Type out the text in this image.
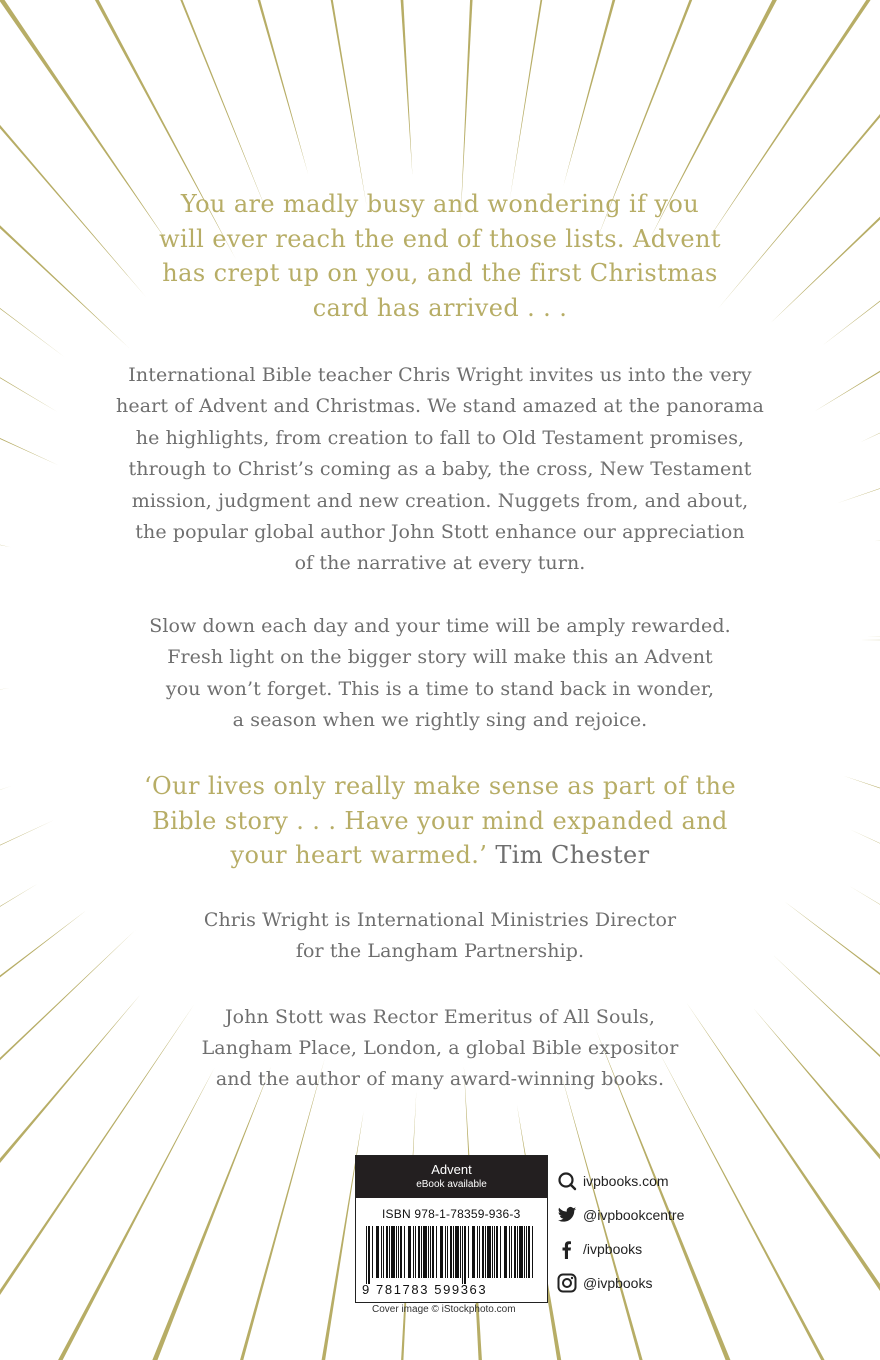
You are madly busy and wondering if you
will ever reach the end of those lists. Advent
has crept up on you, and the first Christmas
card has arrived . . .
International Bible teacher Chris Wright invites us into the very
heart of Advent and Christmas. We stand amazed at the panorama
he highlights, from creation to fall to Old Testament promises,
through to Christ’s coming as a baby, the cross, New Testament
mission, judgment and new creation. Nuggets from, and about,
the popular global author John Stott enhance our appreciation
of the narrative at every turn.
Slow down each day and your time will be amply rewarded.
Fresh light on the bigger story will make this an Advent
you won’t forget. This is a time to stand back in wonder,
a season when we rightly sing and rejoice.
‘Our lives only really make sense as part of the
Bible story . . . Have your mind expanded and
your heart warmed.’ Tim Chester
Chris Wright is International Ministries Director
for the Langham Partnership.
John Stott was Rector Emeritus of All Souls,
Langham Place, London, a global Bible expositor
and the author of many award-winning books.
Advent
eBook available
ISBN 978-1-78359-936-3
9 781783 599363
Cover image © iStockphoto.com
ivpbooks.com
@ivpbookcentre
/ivpbooks
@ivpbooks
